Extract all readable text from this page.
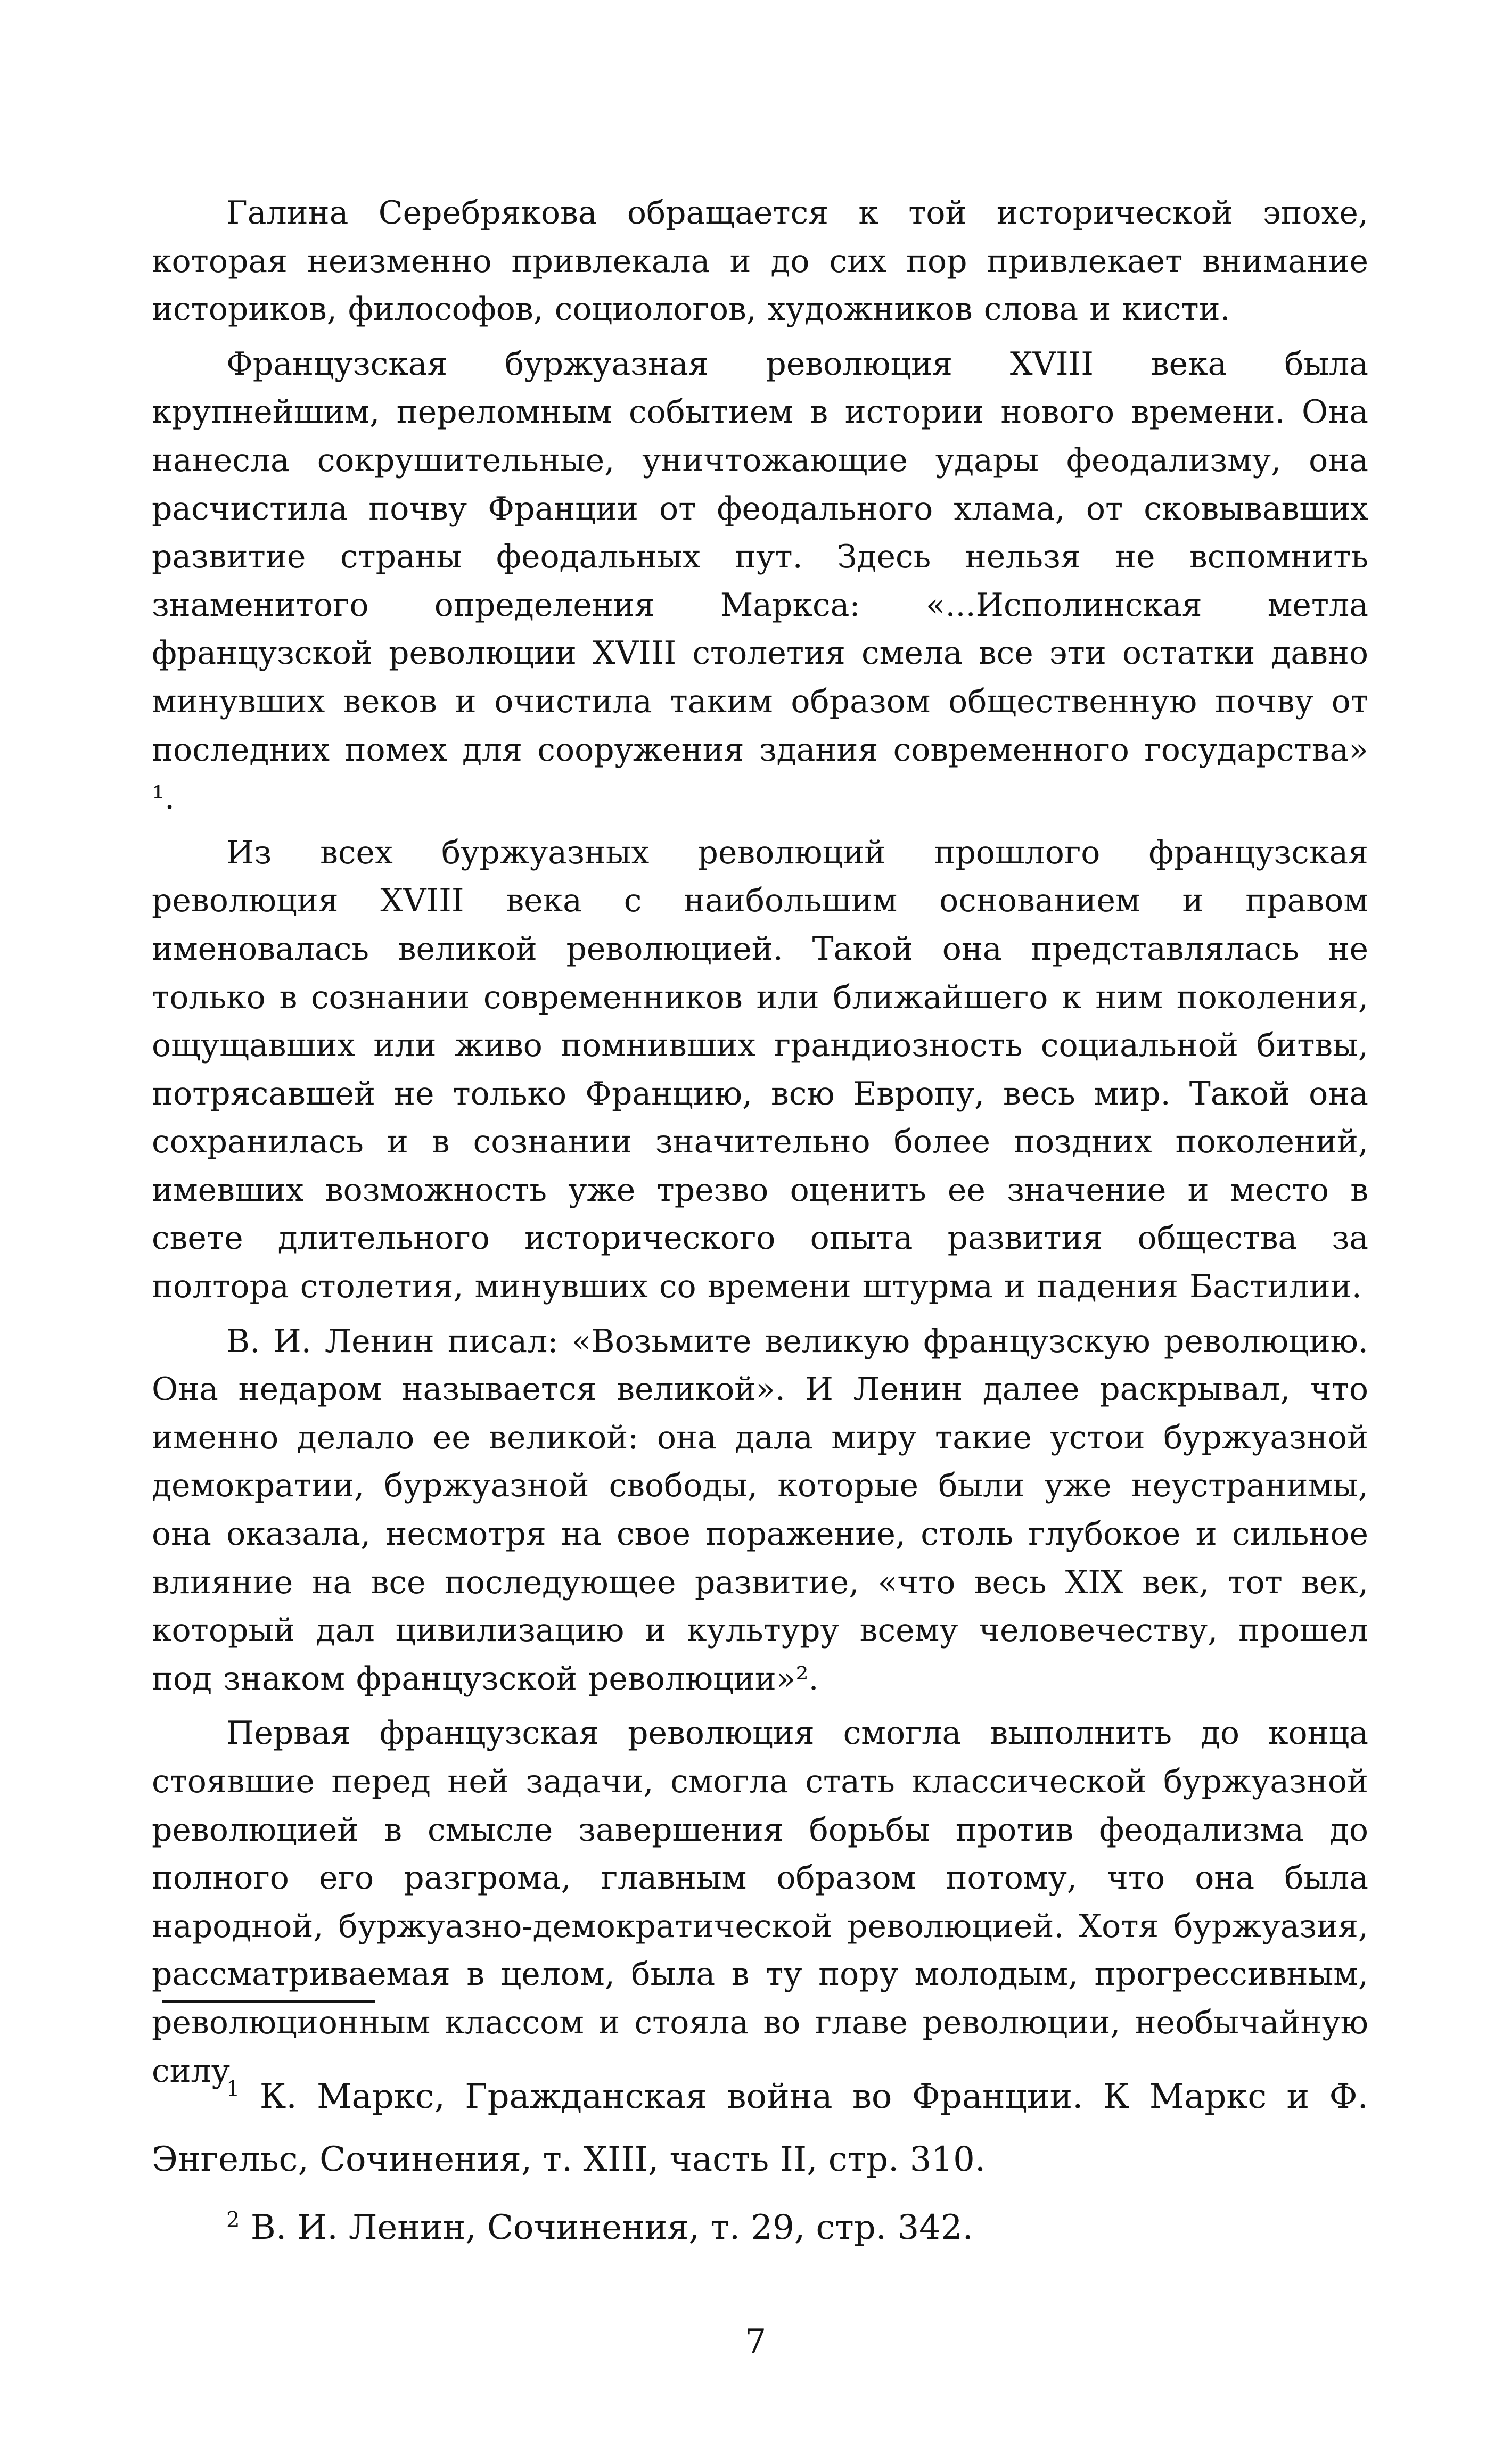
Галина Серебрякова обращается к той исторической эпохе, которая неизменно привлекала и до сих пор привлекает внимание историков, философов, социологов, художников слова и кисти.

Французская буржуазная революция XVIII века была крупнейшим, переломным событием в истории нового времени. Она нанесла сокрушительные, уничтожающие удары феодализму, она расчистила почву Франции от феодального хлама, от сковывавших развитие страны феодальных пут. Здесь нельзя не вспомнить знаменитого определения Маркса: «...Исполинская метла французской революции XVIII столетия смела все эти остатки давно минувших веков и очистила таким образом общественную почву от последних помех для сооружения здания современного государства» ¹.

Из всех буржуазных революций прошлого французская революция XVIII века с наибольшим основанием и правом именовалась великой революцией. Такой она представлялась не только в сознании современников или ближайшего к ним поколения, ощущавших или живо помнивших грандиозность социальной битвы, потрясавшей не только Францию, всю Европу, весь мир. Такой она сохранилась и в сознании значительно более поздних поколений, имевших возможность уже трезво оценить ее значение и место в свете длительного исторического опыта развития общества за полтора столетия, минувших со времени штурма и падения Бастилии.

В. И. Ленин писал: «Возьмите великую французскую революцию. Она недаром называется великой». И Ленин далее раскрывал, что именно делало ее великой: она дала миру такие устои буржуазной демократии, буржуазной свободы, которые были уже неустранимы, она оказала, несмотря на свое поражение, столь глубокое и сильное влияние на все последующее развитие, «что весь XIX век, тот век, который дал цивилизацию и культуру всему человечеству, прошел под знаком французской революции»².

Первая французская революция смогла выполнить до конца стоявшие перед ней задачи, смогла стать классической буржуазной революцией в смысле завершения борьбы против феодализма до полного его разгрома, главным образом потому, что она была народной, буржуазно-демократической революцией. Хотя буржуазия, рассматриваемая в целом, была в ту пору молодым, прогрессивным, революционным классом и стояла во главе революции, необычайную силу

$^1$ К. Маркс, Гражданская война во Франции. К Маркс и Ф. Энгельс, Сочинения, т. XIII, часть II, стр. 310.

$^2$ В. И. Ленин, Сочинения, т. 29, стр. 342.

7
